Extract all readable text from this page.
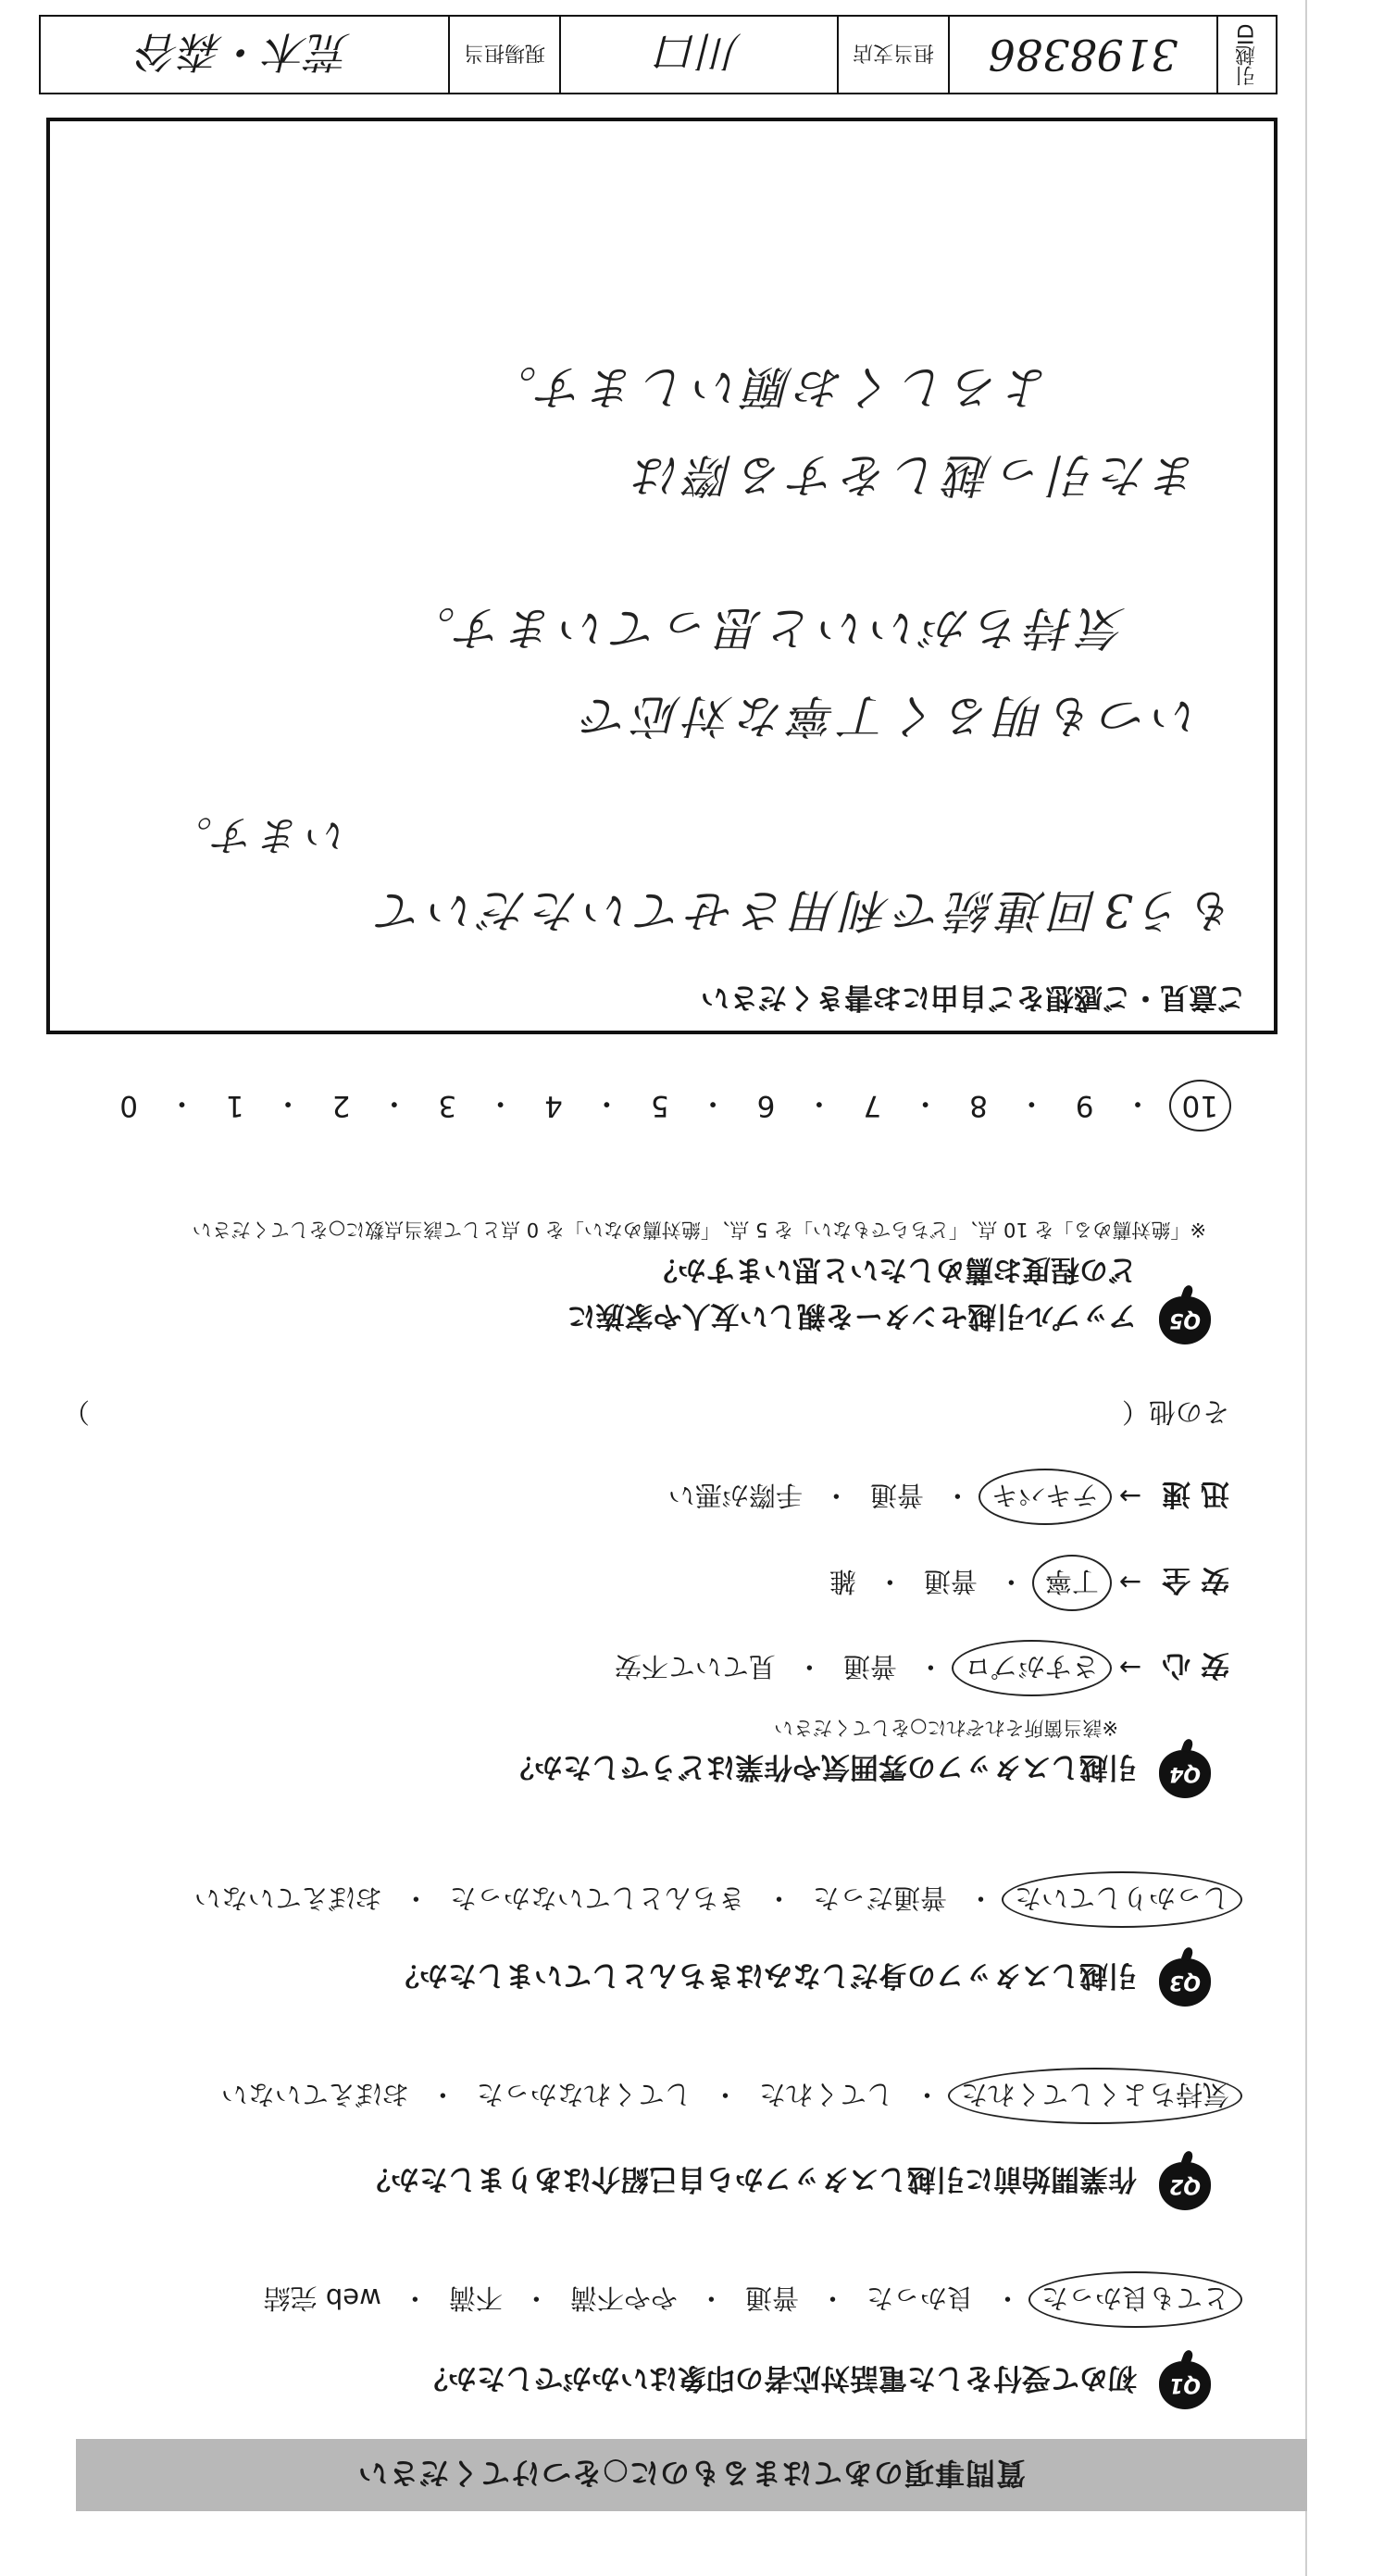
質問事項のあてはまるものに○をつけてください
Q1
初めて受付をした電話対応者の印象はいかがでしたか？
とても良かった
・
良かった
・
普通
・
やや不満
・
不満
・
web 完結
Q2
作業開始前に引越しスタッフから自己紹介はありましたか？
気持ちよくしてくれた
・
してくれた
・
してくれなかった
・
おぼえていない
Q3
引越しスタッフの身だしなみはきちんとしていましたか？
しっかりしていた
・
普通だった
・
きちんとしていなかった
・
おぼえていない
Q4
引越しスタッフの雰囲気や作業はどうでしたか？
※該当箇所それぞれに○をしてください
安 心
→
さすがプロ
・
普通
・
見ていて不安
安 全
→
丁寧
・
普通
・
雑
迅 速
→
テキパキ
・
普通
・
手際が悪い
その他（
）
Q5
アップル引越センターを親しい友人や家族に
どの程度お薦めしたいと思いますか？
※「絶対薦める」を 10 点、「どちらでもない」を 5 点、「絶対薦めない」を 0 点として該当点数に○をしてください
10
・
9
・
8
・
7
・
6
・
5
・
4
・
3
・
2
・
1
・
0
ご意見・ご感想をご自由にお書きください
もう3回連続で利用させていただいて
います。
いつも明るく丁寧な対応で
気持ちがいいと思っています。
また引っ越しをする際は
よろしくお願いします。
引越ID
3198386
担当支店
川口
現場担当
荒木・森谷
